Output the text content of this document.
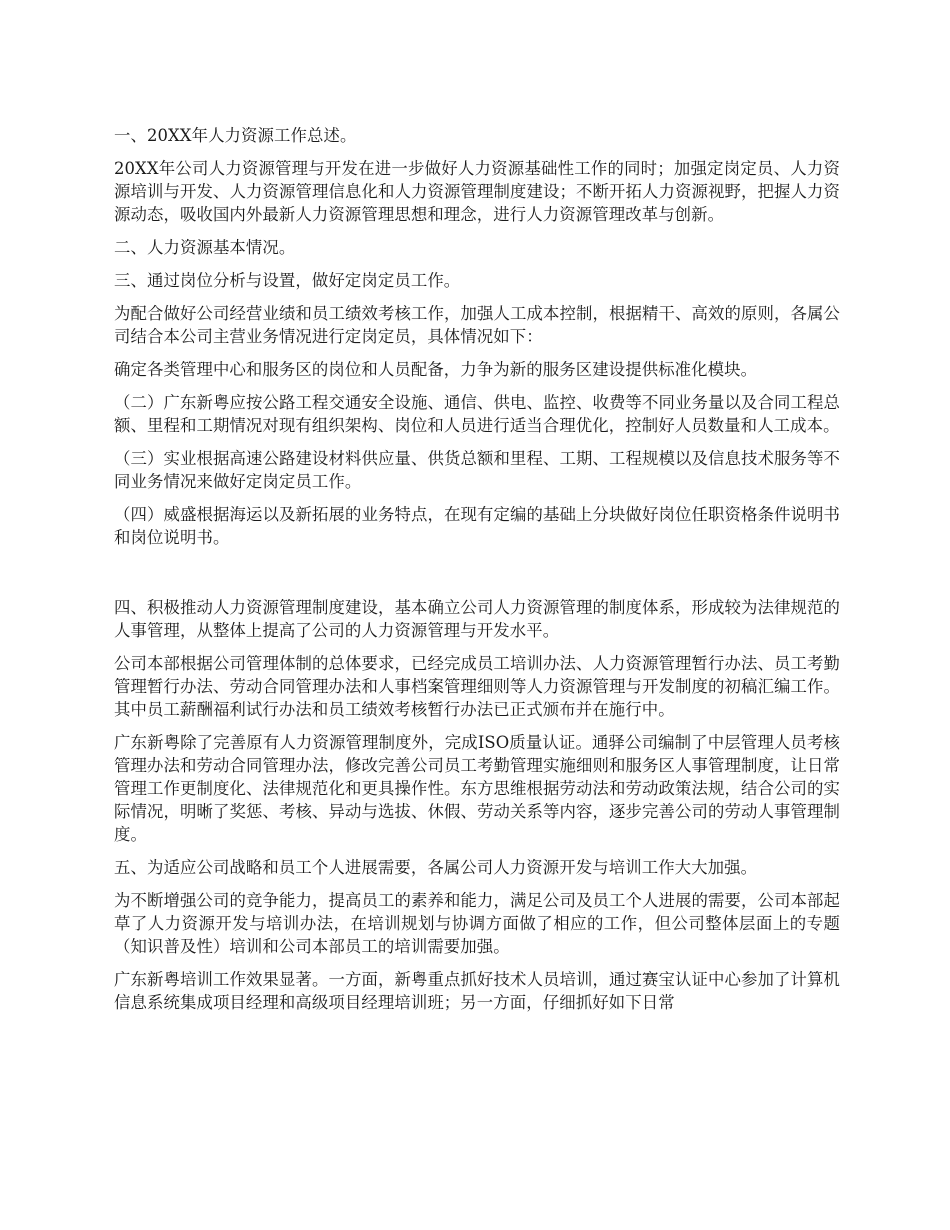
一、20XX年人力资源工作总述。

20XX年公司人力资源管理与开发在进一步做好人力资源基础性工作的同时；加强定岗定员、人力资源培训与开发、人力资源管理信息化和人力资源管理制度建设；不断开拓人力资源视野，把握人力资源动态，吸收国内外最新人力资源管理思想和理念，进行人力资源管理改革与创新。

二、人力资源基本情况。

三、通过岗位分析与设置，做好定岗定员工作。

为配合做好公司经营业绩和员工绩效考核工作，加强人工成本控制，根据精干、高效的原则，各属公司结合本公司主营业务情况进行定岗定员，具体情况如下：

确定各类管理中心和服务区的岗位和人员配备，力争为新的服务区建设提供标准化模块。

（二）广东新粤应按公路工程交通安全设施、通信、供电、监控、收费等不同业务量以及合同工程总额、里程和工期情况对现有组织架构、岗位和人员进行适当合理优化，控制好人员数量和人工成本。

（三）实业根据高速公路建设材料供应量、供货总额和里程、工期、工程规模以及信息技术服务等不同业务情况来做好定岗定员工作。

（四）威盛根据海运以及新拓展的业务特点，在现有定编的基础上分块做好岗位任职资格条件说明书和岗位说明书。

四、积极推动人力资源管理制度建设，基本确立公司人力资源管理的制度体系，形成较为法律规范的人事管理，从整体上提高了公司的人力资源管理与开发水平。

公司本部根据公司管理体制的总体要求，已经完成员工培训办法、人力资源管理暂行办法、员工考勤管理暂行办法、劳动合同管理办法和人事档案管理细则等人力资源管理与开发制度的初稿汇编工作。其中员工薪酬福利试行办法和员工绩效考核暂行办法已正式颁布并在施行中。

广东新粤除了完善原有人力资源管理制度外，完成ISO质量认证。通驿公司编制了中层管理人员考核管理办法和劳动合同管理办法，修改完善公司员工考勤管理实施细则和服务区人事管理制度，让日常管理工作更制度化、法律规范化和更具操作性。东方思维根据劳动法和劳动政策法规，结合公司的实际情况，明晰了奖惩、考核、异动与选拔、休假、劳动关系等内容，逐步完善公司的劳动人事管理制度。

五、为适应公司战略和员工个人进展需要，各属公司人力资源开发与培训工作大大加强。

为不断增强公司的竞争能力，提高员工的素养和能力，满足公司及员工个人进展的需要，公司本部起草了人力资源开发与培训办法，在培训规划与协调方面做了相应的工作，但公司整体层面上的专题（知识普及性）培训和公司本部员工的培训需要加强。

广东新粤培训工作效果显著。一方面，新粤重点抓好技术人员培训，通过赛宝认证中心参加了计算机信息系统集成项目经理和高级项目经理培训班；另一方面，仔细抓好如下日常
